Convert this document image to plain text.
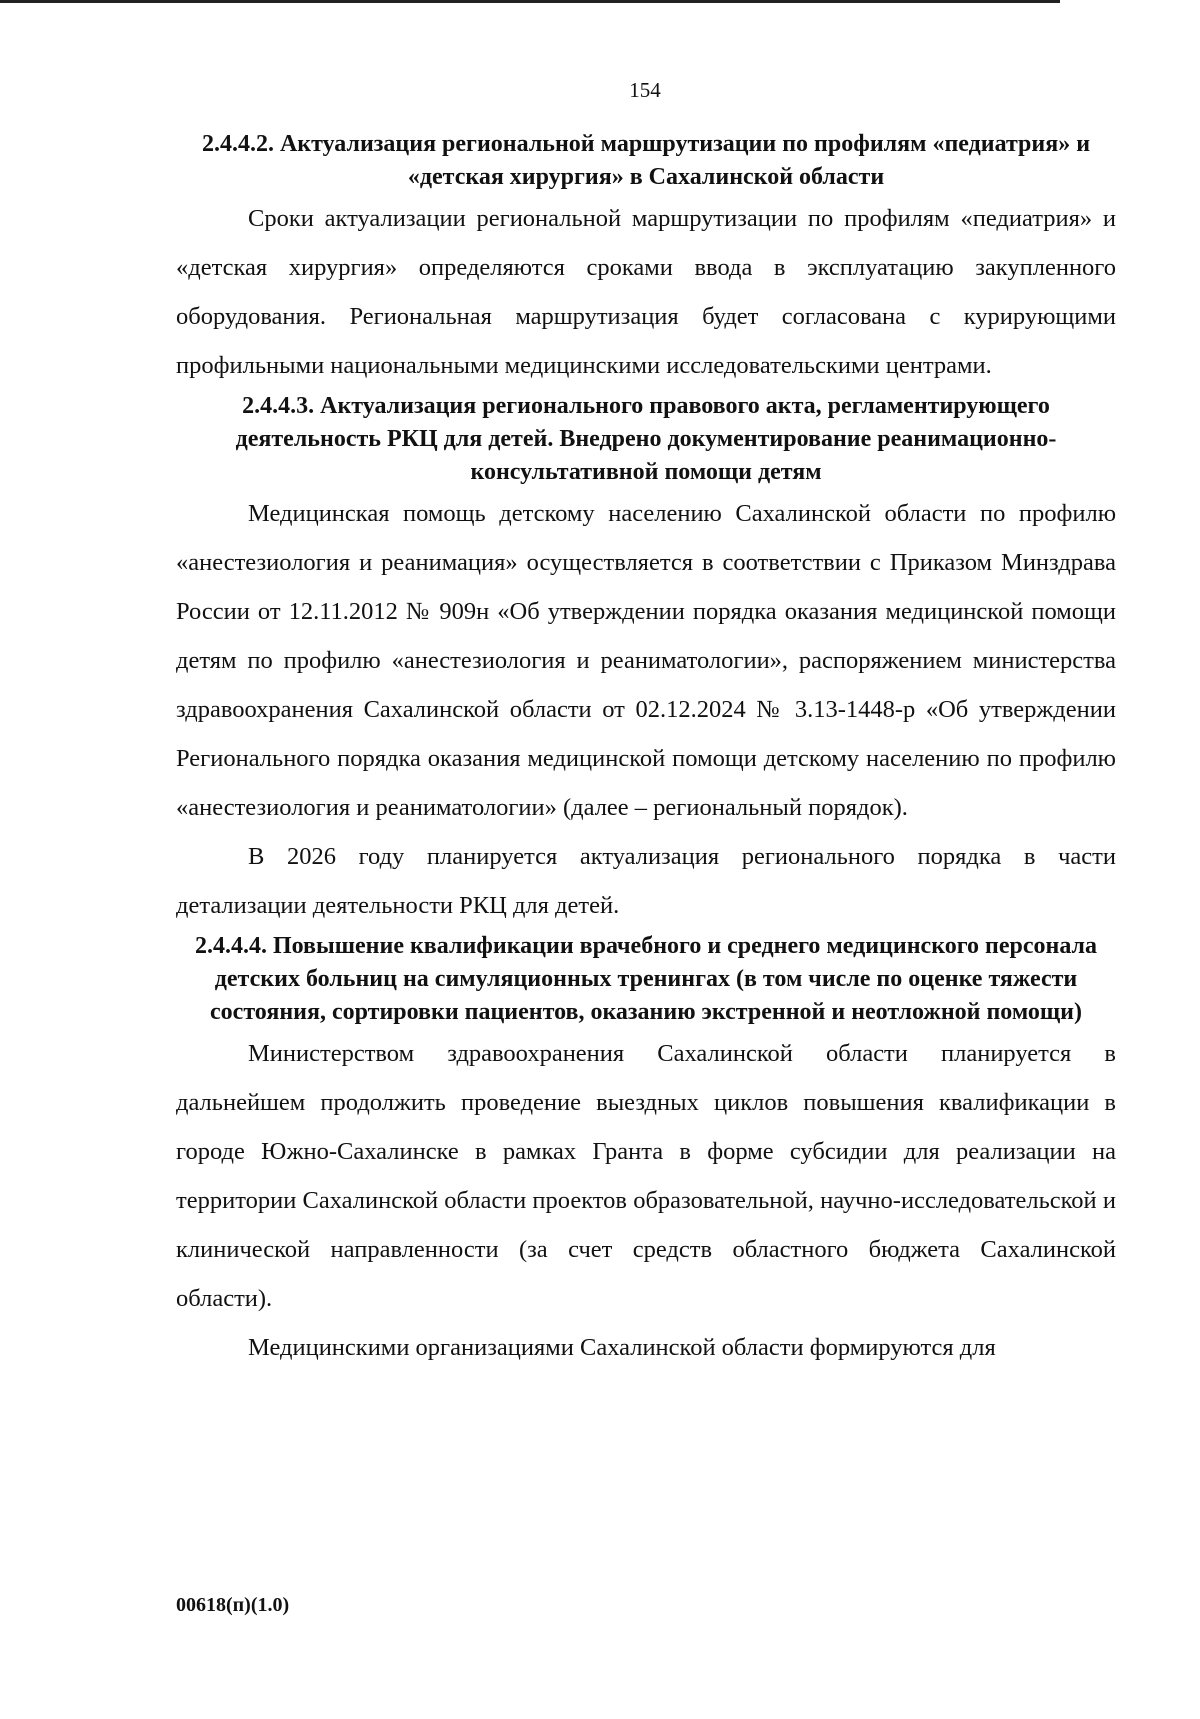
154
2.4.4.2. Актуализация региональной маршрутизации по профилям «педиатрия» и «детская хирургия» в Сахалинской области

Сроки актуализации региональной маршрутизации по профилям «педиатрия» и «детская хирургия» определяются сроками ввода в эксплуатацию закупленного оборудования. Региональная маршрутизация будет согласована с курирующими профильными национальными медицинскими исследовательскими центрами.

2.4.4.3. Актуализация регионального правового акта, регламентирующего деятельность РКЦ для детей. Внедрено документирование реанимационно-консультативной помощи детям

Медицинская помощь детскому населению Сахалинской области по профилю «анестезиология и реанимация» осуществляется в соответствии с Приказом Минздрава России от 12.11.2012 № 909н «Об утверждении порядка оказания медицинской помощи детям по профилю «анестезиология и реаниматологии», распоряжением министерства здравоохранения Сахалинской области от 02.12.2024 № 3.13-1448-р «Об утверждении Регионального порядка оказания медицинской помощи детскому населению по профилю «анестезиология и реаниматологии» (далее – региональный порядок).

В 2026 году планируется актуализация регионального порядка в части детализации деятельности РКЦ для детей.

2.4.4.4. Повышение квалификации врачебного и среднего медицинского персонала детских больниц на симуляционных тренингах (в том числе по оценке тяжести состояния, сортировки пациентов, оказанию экстренной и неотложной помощи)

Министерством здравоохранения Сахалинской области планируется в дальнейшем продолжить проведение выездных циклов повышения квалификации в городе Южно-Сахалинске в рамках Гранта в форме субсидии для реализации на территории Сахалинской области проектов образовательной, научно-исследовательской и клинической направленности (за счет средств областного бюджета Сахалинской области).

Медицинскими организациями Сахалинской области формируются для

00618(п)(1.0)
